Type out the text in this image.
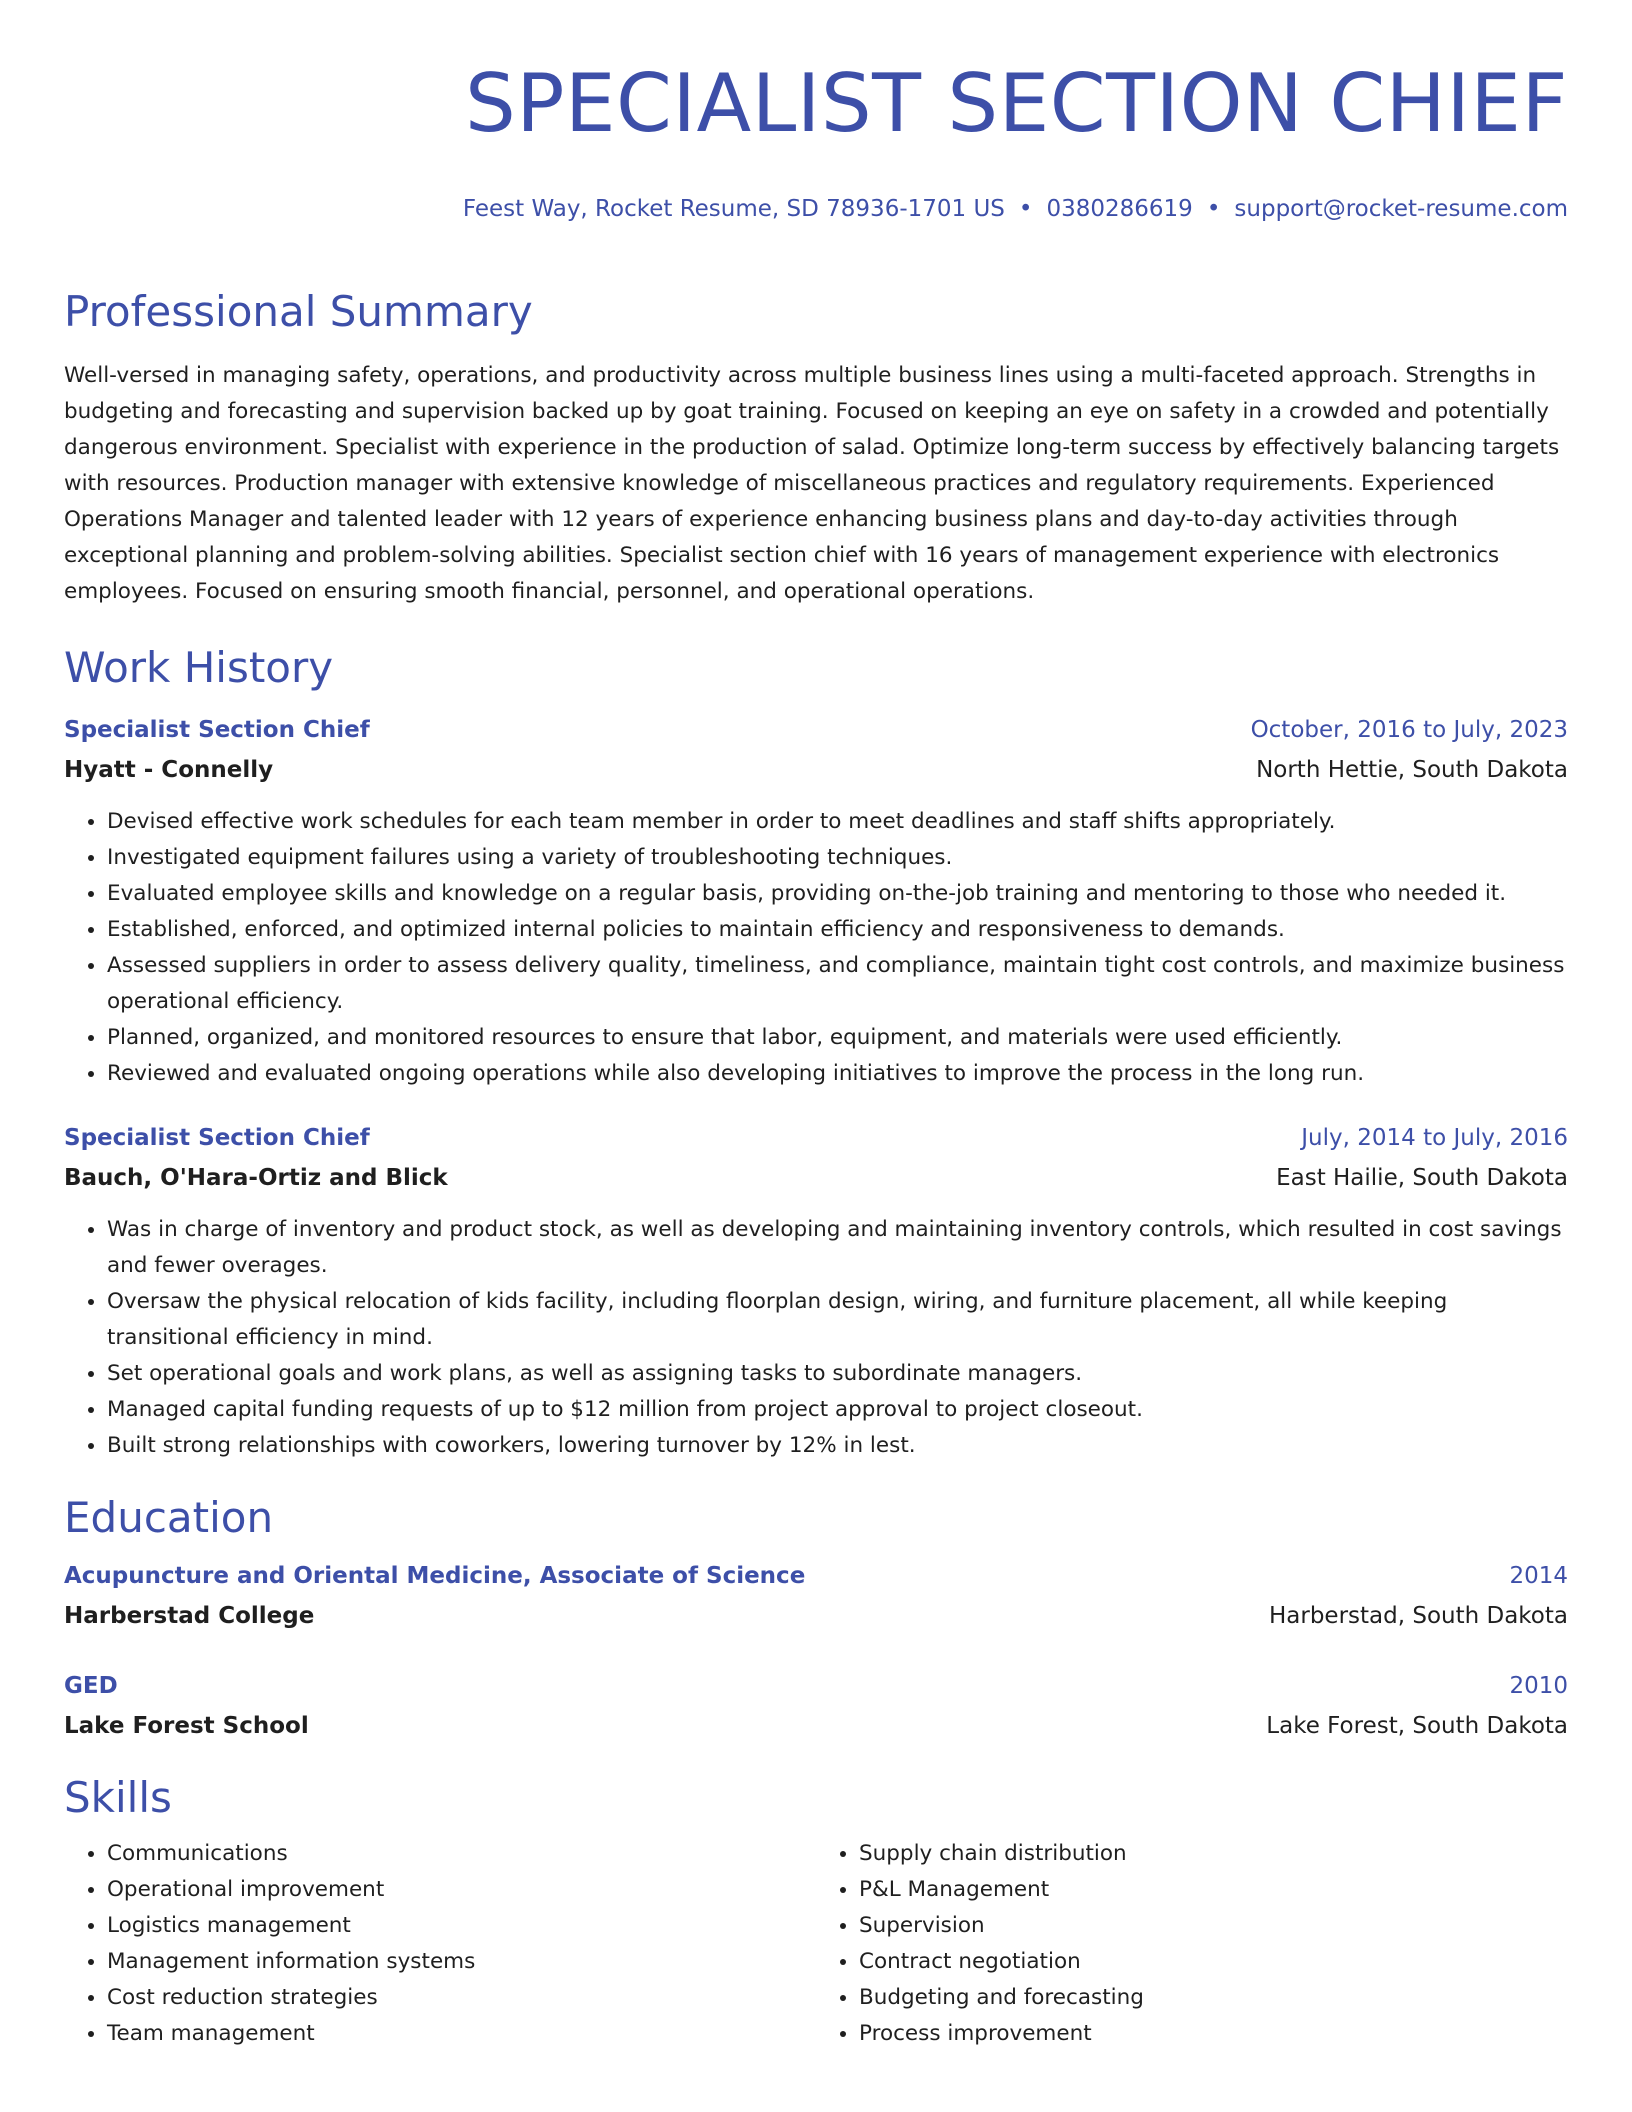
SPECIALIST SECTION CHIEF
Feest Way, Rocket Resume, SD 78936-1701 US • 0380286619 • support@rocket-resume.com
Professional Summary

Well-versed in managing safety, operations, and productivity across multiple business lines using a multi-faceted approach. Strengths in budgeting and forecasting and supervision backed up by goat training. Focused on keeping an eye on safety in a crowded and potentially dangerous environment. Specialist with experience in the production of salad. Optimize long-term success by effectively balancing targets with resources. Production manager with extensive knowledge of miscellaneous practices and regulatory requirements. Experienced Operations Manager and talented leader with 12 years of experience enhancing business plans and day-to-day activities through exceptional planning and problem-solving abilities. Specialist section chief with 16 years of management experience with electronics employees. Focused on ensuring smooth financial, personnel, and operational operations.

Work History
Specialist Section Chief	October, 2016 to July, 2023
Hyatt - Connelly	North Hettie, South Dakota
• Devised effective work schedules for each team member in order to meet deadlines and staff shifts appropriately.
• Investigated equipment failures using a variety of troubleshooting techniques.
• Evaluated employee skills and knowledge on a regular basis, providing on-the-job training and mentoring to those who needed it.
• Established, enforced, and optimized internal policies to maintain efficiency and responsiveness to demands.
• Assessed suppliers in order to assess delivery quality, timeliness, and compliance, maintain tight cost controls, and maximize business operational efficiency.
• Planned, organized, and monitored resources to ensure that labor, equipment, and materials were used efficiently.
• Reviewed and evaluated ongoing operations while also developing initiatives to improve the process in the long run.
Specialist Section Chief	July, 2014 to July, 2016
Bauch, O'Hara-Ortiz and Blick	East Hailie, South Dakota
• Was in charge of inventory and product stock, as well as developing and maintaining inventory controls, which resulted in cost savings and fewer overages.
• Oversaw the physical relocation of kids facility, including floorplan design, wiring, and furniture placement, all while keeping transitional efficiency in mind.
• Set operational goals and work plans, as well as assigning tasks to subordinate managers.
• Managed capital funding requests of up to $12 million from project approval to project closeout.
• Built strong relationships with coworkers, lowering turnover by 12% in lest.
Education
Acupuncture and Oriental Medicine, Associate of Science	2014
Harberstad College	Harberstad, South Dakota
GED	2010
Lake Forest School	Lake Forest, South Dakota
Skills
• Communications
• Operational improvement
• Logistics management
• Management information systems
• Cost reduction strategies
• Team management
• Supply chain distribution
• P&L Management
• Supervision
• Contract negotiation
• Budgeting and forecasting
• Process improvement
